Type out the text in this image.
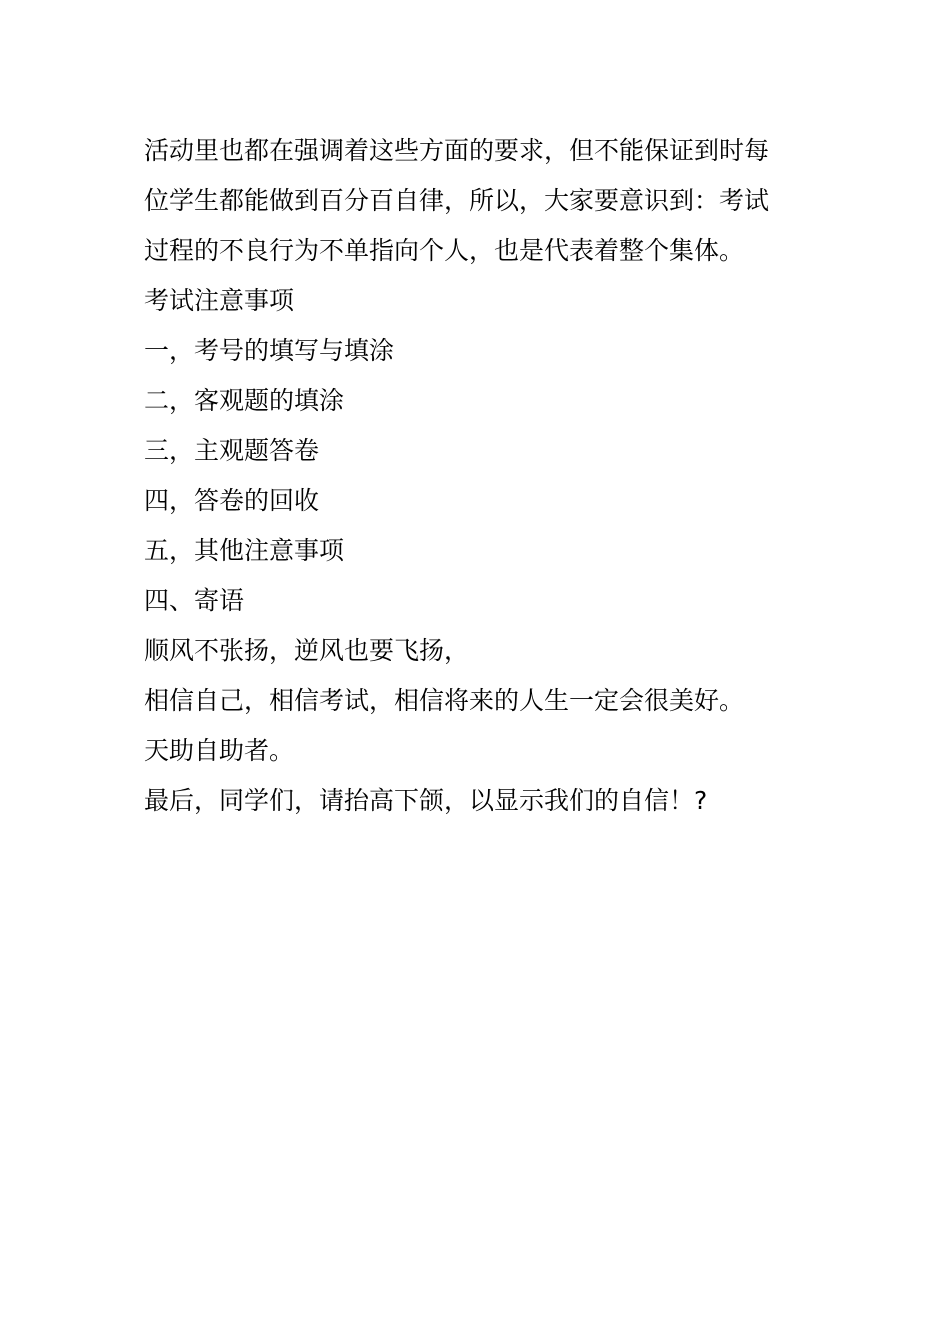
活动里也都在强调着这些方面的要求，但不能保证到时每
位学生都能做到百分百自律，所以，大家要意识到：考试
过程的不良行为不单指向个人，也是代表着整个集体。
考试注意事项
一，考号的填写与填涂
二，客观题的填涂
三，主观题答卷
四，答卷的回收
五，其他注意事项
四、寄语
顺风不张扬，逆风也要飞扬，
相信自己，相信考试，相信将来的人生一定会很美好。
天助自助者。
最后，同学们，请抬高下颌，以显示我们的自信！?
